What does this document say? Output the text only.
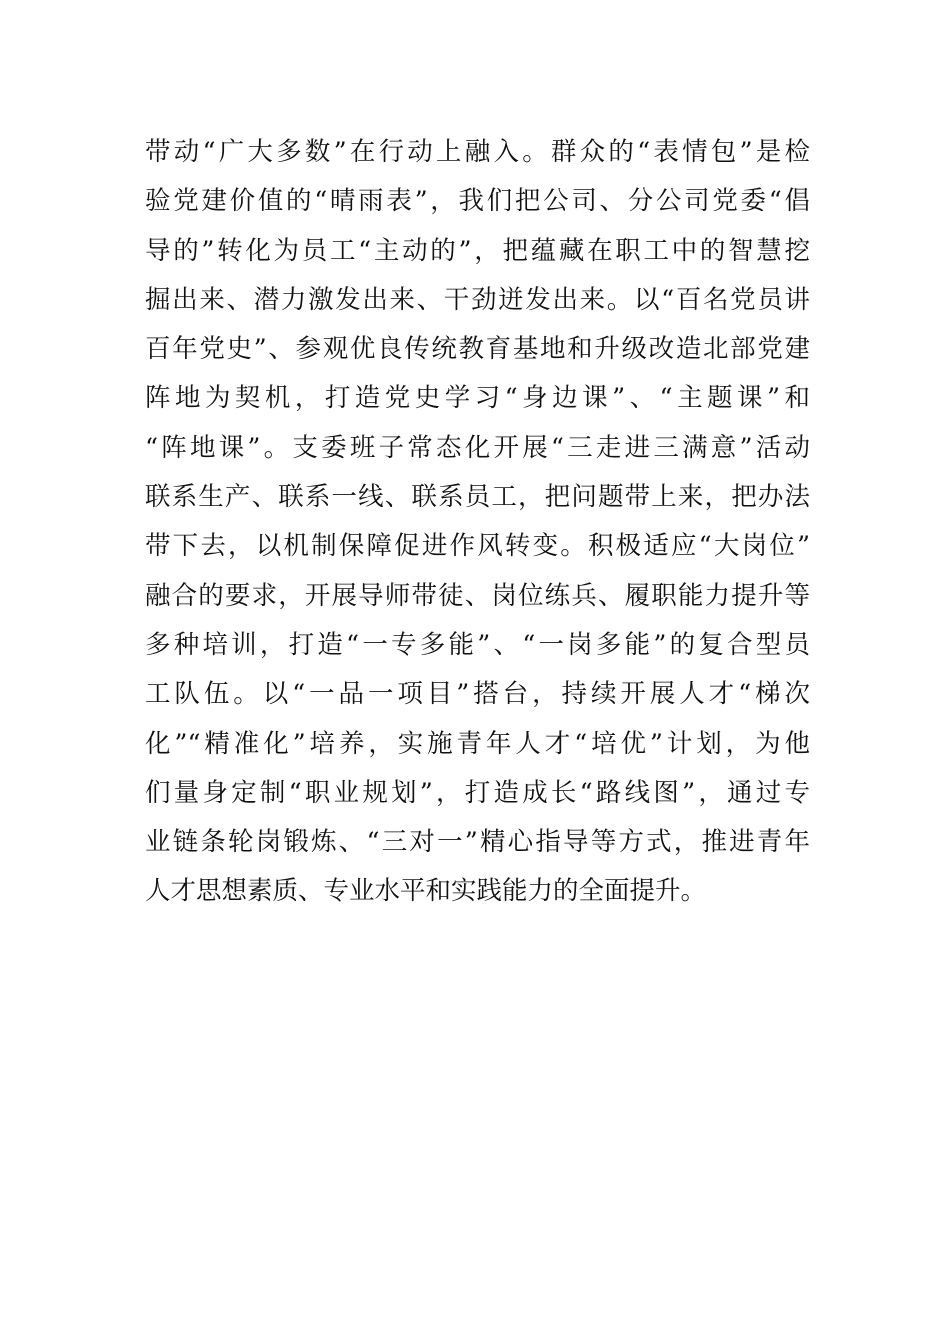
带动“广大多数”在行动上融入。群众的“表情包”是检
验党建价值的“晴雨表”，我们把公司、分公司党委“倡
导的”转化为员工“主动的”，把蕴藏在职工中的智慧挖
掘出来、潜力激发出来、干劲迸发出来。以“百名党员讲
百年党史”、参观优良传统教育基地和升级改造北部党建
阵地为契机，打造党史学习“身边课”、“主题课”和
“阵地课”。支委班子常态化开展“三走进三满意”活动
联系生产、联系一线、联系员工，把问题带上来，把办法
带下去，以机制保障促进作风转变。积极适应“大岗位”
融合的要求，开展导师带徒、岗位练兵、履职能力提升等
多种培训，打造“一专多能”、“一岗多能”的复合型员
工队伍。以“一品一项目”搭台，持续开展人才“梯次
化”“精准化”培养，实施青年人才“培优”计划，为他
们量身定制“职业规划”，打造成长“路线图”，通过专
业链条轮岗锻炼、“三对一”精心指导等方式，推进青年
人才思想素质、专业水平和实践能力的全面提升。
